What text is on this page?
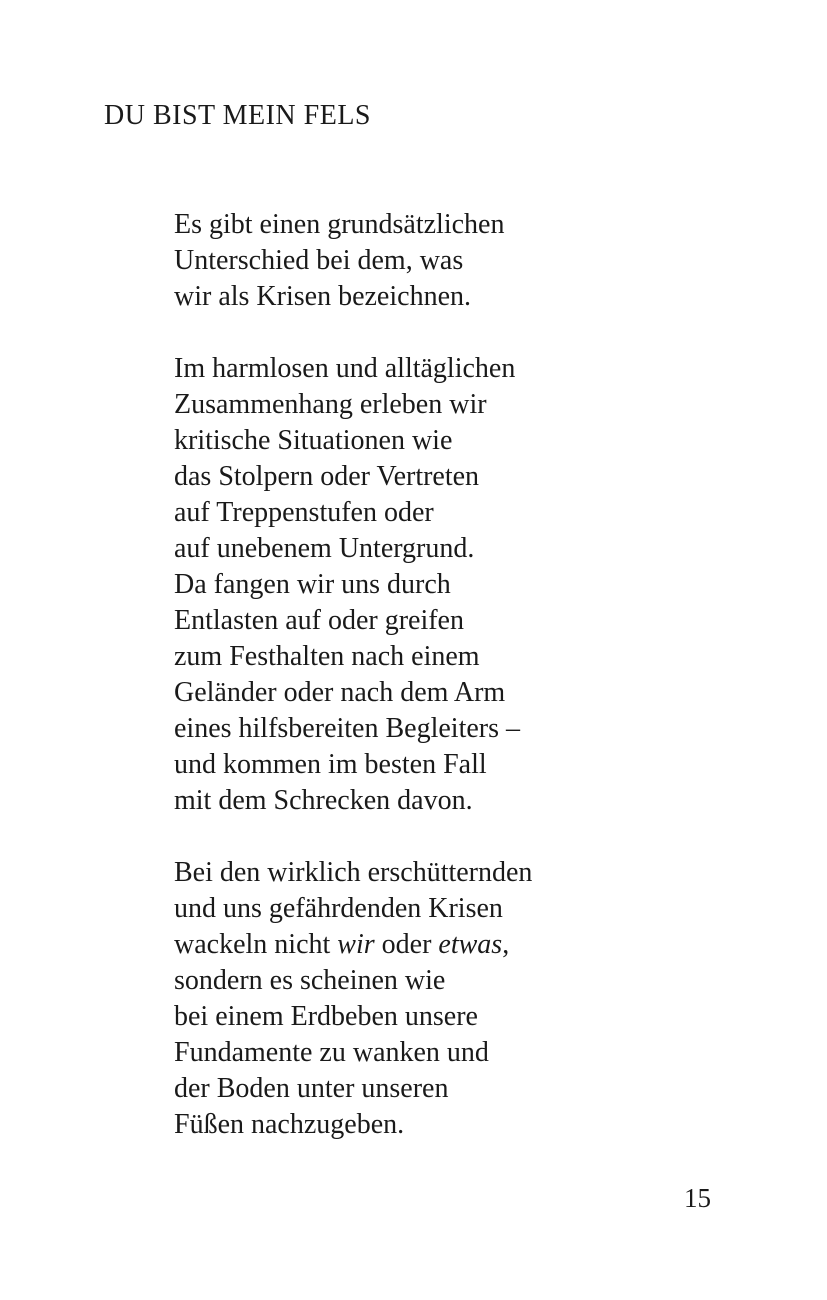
DU BIST MEIN FELS

Es gibt einen grundsätzlichen
Unterschied bei dem, was
wir als Krisen bezeichnen.

Im harmlosen und alltäglichen
Zusammenhang erleben wir
kritische Situationen wie
das Stolpern oder Vertreten
auf Treppenstufen oder
auf unebenem Untergrund.
Da fangen wir uns durch
Entlasten auf oder greifen
zum Festhalten nach einem
Geländer oder nach dem Arm
eines hilfsbereiten Begleiters –
und kommen im besten Fall
mit dem Schrecken davon.

Bei den wirklich erschütternden
und uns gefährdenden Krisen
wackeln nicht wir oder etwas,
sondern es scheinen wie
bei einem Erdbeben unsere
Fundamente zu wanken und
der Boden unter unseren
Füßen nachzugeben.

15
